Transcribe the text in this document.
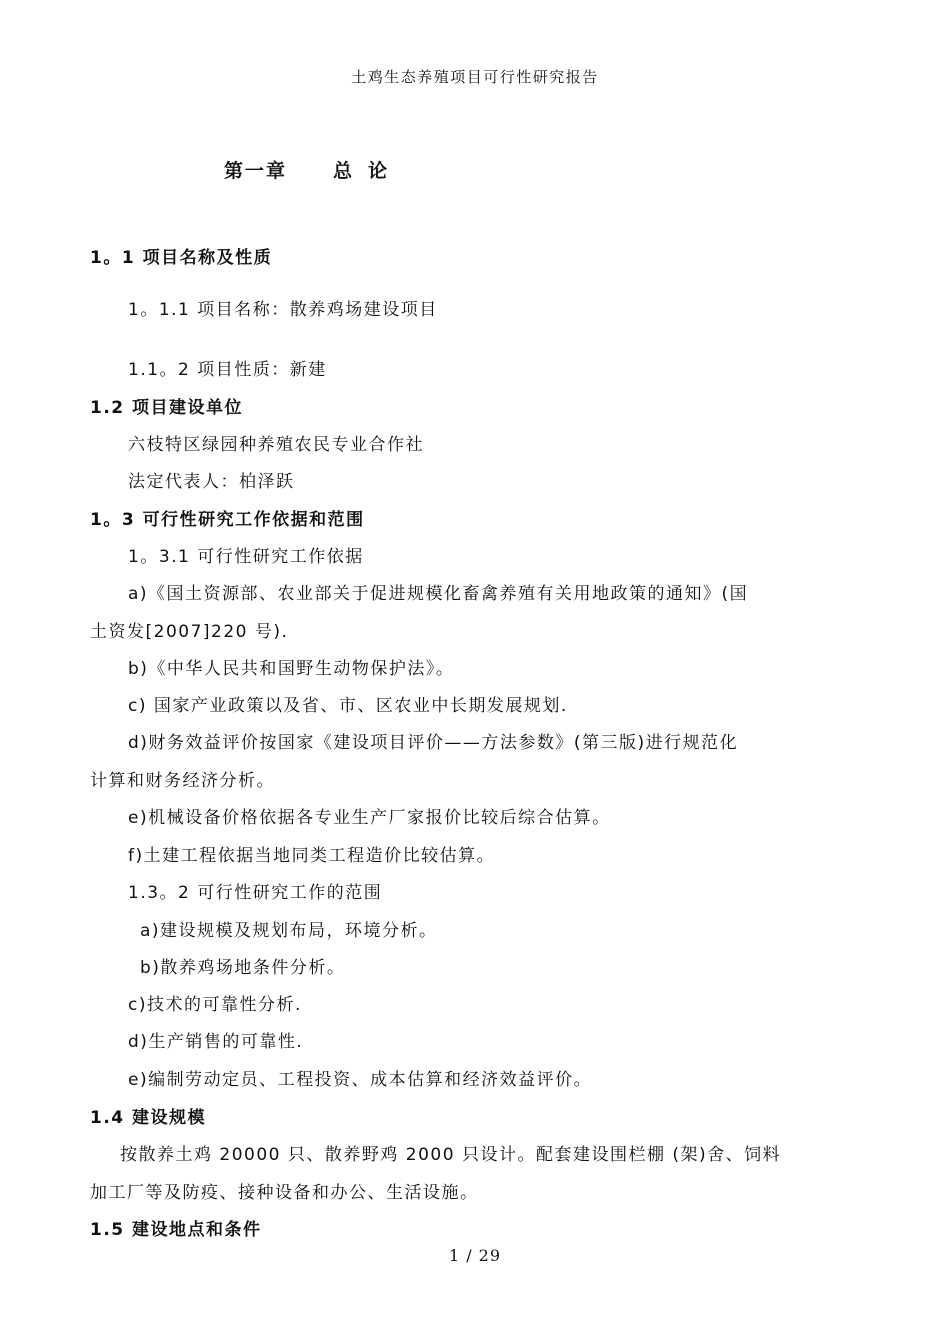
土鸡生态养殖项目可行性研究报告
第一章 总 论
1。1 项目名称及性质
1。1.1 项目名称：散养鸡场建设项目
1.1。2 项目性质：新建
1.2 项目建设单位
六枝特区绿园种养殖农民专业合作社
法定代表人：柏泽跃
1。3 可行性研究工作依据和范围
1。3.1 可行性研究工作依据
a)《国土资源部、农业部关于促进规模化畜禽养殖有关用地政策的通知》(国
土资发[2007]220 号).
b)《中华人民共和国野生动物保护法》。
c) 国家产业政策以及省、市、区农业中长期发展规划.
d)财务效益评价按国家《建设项目评价——方法参数》(第三版)进行规范化
计算和财务经济分析。
e)机械设备价格依据各专业生产厂家报价比较后综合估算。
f)土建工程依据当地同类工程造价比较估算。
1.3。2 可行性研究工作的范围
a)建设规模及规划布局，环境分析。
b)散养鸡场地条件分析。
c)技术的可靠性分析.
d)生产销售的可靠性.
e)编制劳动定员、工程投资、成本估算和经济效益评价。
1.4 建设规模
按散养土鸡 20000 只、散养野鸡 2000 只设计。配套建设围栏棚 (架)舍、饲料
加工厂等及防疫、接种设备和办公、生活设施。
1.5 建设地点和条件
1 / 29
